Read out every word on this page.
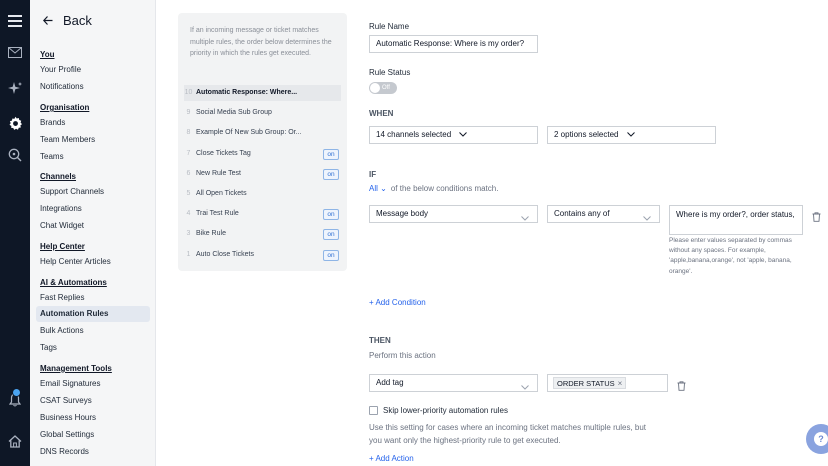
Back
You
Your Profile
Notifications
Organisation
Brands
Team Members
Teams
Channels
Support Channels
Integrations
Chat Widget
Help Center
Help Center Articles
AI & Automations
Fast Replies
Automation Rules
Bulk Actions
Tags
Management Tools
Email Signatures
CSAT Surveys
Business Hours
Global Settings
DNS Records
If an incoming message or ticket matches multiple rules, the order below determines the priority in which the rules get executed.
10 Automatic Response: Where...
9 Social Media Sub Group
8 Example Of New Sub Group: Or...
7 Close Tickets Tag	on
6 New Rule Test	on
5 All Open Tickets
4 Trai Test Rule	on
3 Bike Rule	on
1 Auto Close Tickets	on
Rule Name
Automatic Response: Where is my order?
Rule Status
Off
WHEN
14 channels selected	2 options selected
IF
All ⌄ of the below conditions match.
Message body	Contains any of	Where is my order?, order status,
Please enter values separated by commas without any spaces. For example, 'apple,banana,orange', not 'apple, banana, orange'.
+ Add Condition
THEN
Perform this action
Add tag	ORDER STATUS ×
Skip lower-priority automation rules
Use this setting for cases where an incoming ticket matches multiple rules, but you want only the highest-priority rule to get executed.
+ Add Action
?
